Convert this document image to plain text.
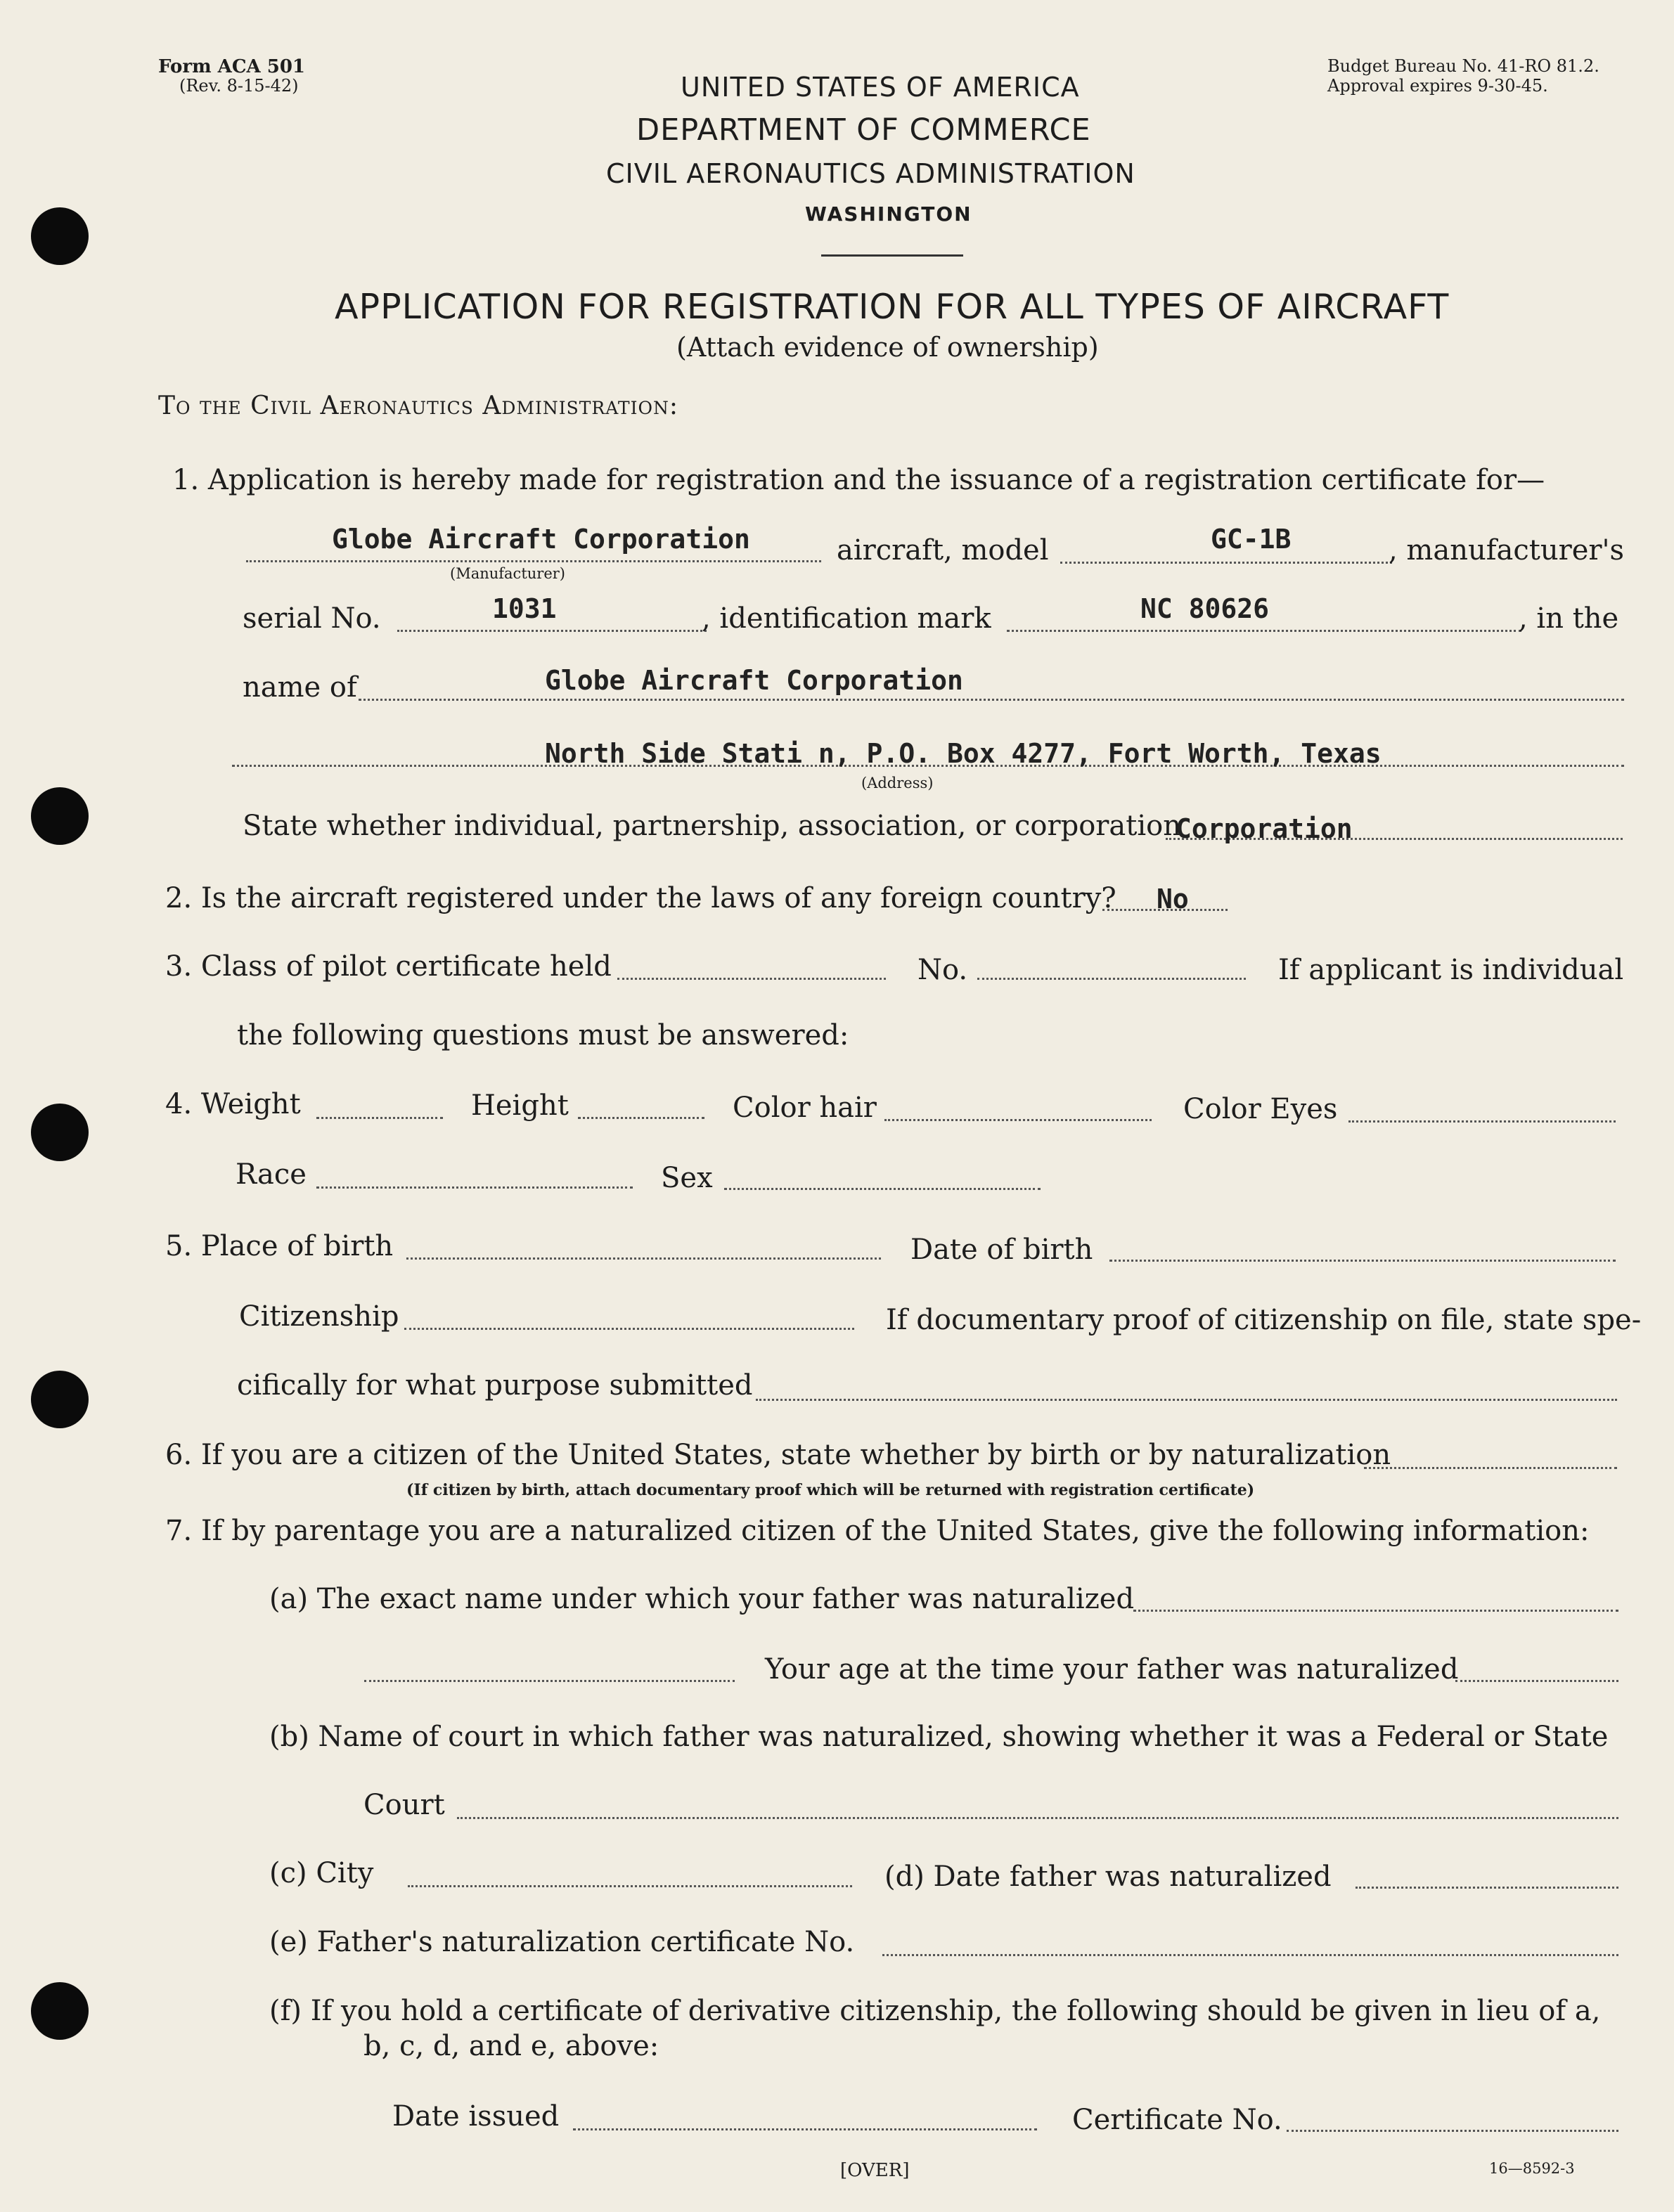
Form ACA 501
(Rev. 8-15-42)
Budget Bureau No. 41-RO 81.2.
Approval expires 9-30-45.
UNITED STATES OF AMERICA
DEPARTMENT OF COMMERCE
CIVIL AERONAUTICS ADMINISTRATION
WASHINGTON
APPLICATION FOR REGISTRATION FOR ALL TYPES OF AIRCRAFT
(Attach evidence of ownership)
To the Civil Aeronautics Administration:
1. Application is hereby made for registration and the issuance of a registration certificate for—
Globe Aircraft Corporation
(Manufacturer)
aircraft, model	GC-1B	, manufacturer's
serial No.	1031	, identification mark	NC 80626	, in the
name of	Globe Aircraft Corporation
North Side Stati n, P.O. Box 4277, Fort Worth, Texas
(Address)
State whether individual, partnership, association, or corporation
Corporation
2. Is the aircraft registered under the laws of any foreign country? No
3. Class of pilot certificate held	No.	If applicant is individual
the following questions must be answered:
4. Weight	Height	Color hair	Color Eyes
Race	Sex
5. Place of birth	Date of birth
Citizenship	If documentary proof of citizenship on file, state spe-
cifically for what purpose submitted
6. If you are a citizen of the United States, state whether by birth or by naturalization
(If citizen by birth, attach documentary proof which will be returned with registration certificate)
7. If by parentage you are a naturalized citizen of the United States, give the following information:
(a) The exact name under which your father was naturalized
Your age at the time your father was naturalized
(b) Name of court in which father was naturalized, showing whether it was a Federal or State
Court
(c) City	(d) Date father was naturalized
(e) Father's naturalization certificate No.
(f) If you hold a certificate of derivative citizenship, the following should be given in lieu of a,
b, c, d, and e, above:
Date issued	Certificate No.
[OVER]	16—8592-3
